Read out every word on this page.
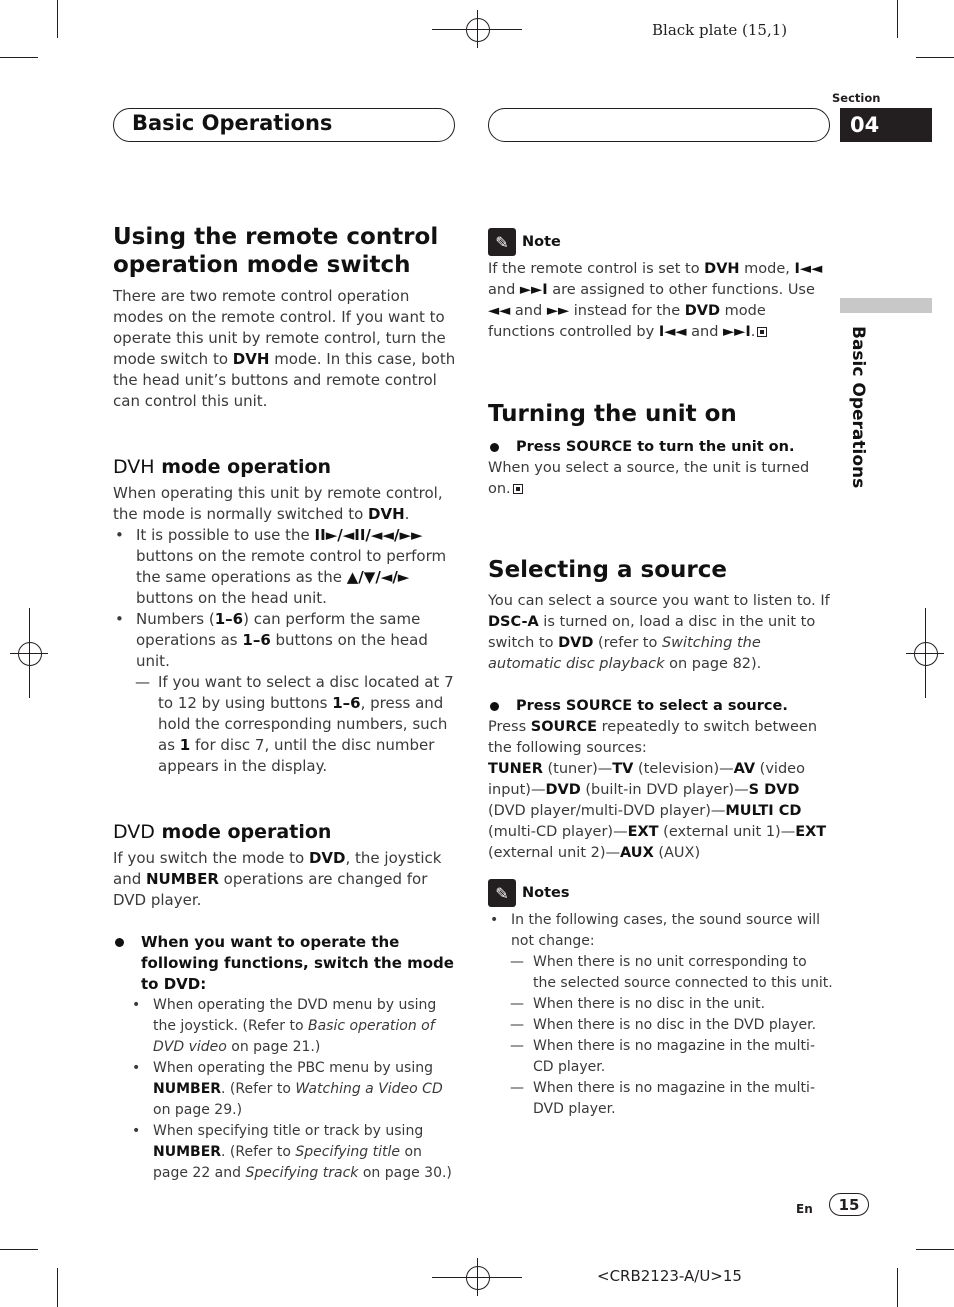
Black plate (15,1)
Basic Operations
Section
04
Basic Operations
Using the remote control operation mode switch

There are two remote control operation modes on the remote control. If you want to operate this unit by remote control, turn the mode switch to DVH mode. In this case, both the head unit’s buttons and remote control can control this unit.

DVH mode operation

When operating this unit by remote control, the mode is normally switched to DVH.

• It is possible to use the II►/◄II/◄◄/►► buttons on the remote control to perform the same operations as the ▲/▼/◄/► buttons on the head unit.
• Numbers (1–6) can perform the same operations as 1–6 buttons on the head unit.
— If you want to select a disc located at 7 to 12 by using buttons 1–6, press and hold the corresponding numbers, such as 1 for disc 7, until the disc number appears in the display.
DVD mode operation

If you switch the mode to DVD, the joystick and NUMBER operations are changed for DVD player.

When you want to operate the following functions, switch the mode to DVD:
• When operating the DVD menu by using the joystick. (Refer to Basic operation of DVD video on page 21.)
• When operating the PBC menu by using NUMBER. (Refer to Watching a Video CD on page 29.)
• When specifying title or track by using NUMBER. (Refer to Specifying title on page 22 and Specifying track on page 30.)
✎ Note

If the remote control is set to DVH mode, I◄◄ and ►►I are assigned to other functions. Use ◄◄ and ►► instead for the DVD mode functions controlled by I◄◄ and ►►I.

Turning the unit on
Press SOURCE to turn the unit on.

When you select a source, the unit is turned on.

Selecting a source

You can select a source you want to listen to. If DSC-A is turned on, load a disc in the unit to switch to DVD (refer to Switching the automatic disc playback on page 82).

Press SOURCE to select a source.

Press SOURCE repeatedly to switch between the following sources:

TUNER (tuner)—TV (television)—AV (video input)—DVD (built-in DVD player)—S DVD (DVD player/multi-DVD player)—MULTI CD (multi-CD player)—EXT (external unit 1)—EXT (external unit 2)—AUX (AUX)

✎ Notes
• In the following cases, the sound source will not change:
— When there is no unit corresponding to the selected source connected to this unit.
— When there is no disc in the unit.
— When there is no disc in the DVD player.
— When there is no magazine in the multi-CD player.
— When there is no magazine in the multi-DVD player.
En	15
<CRB2123-A/U>15
